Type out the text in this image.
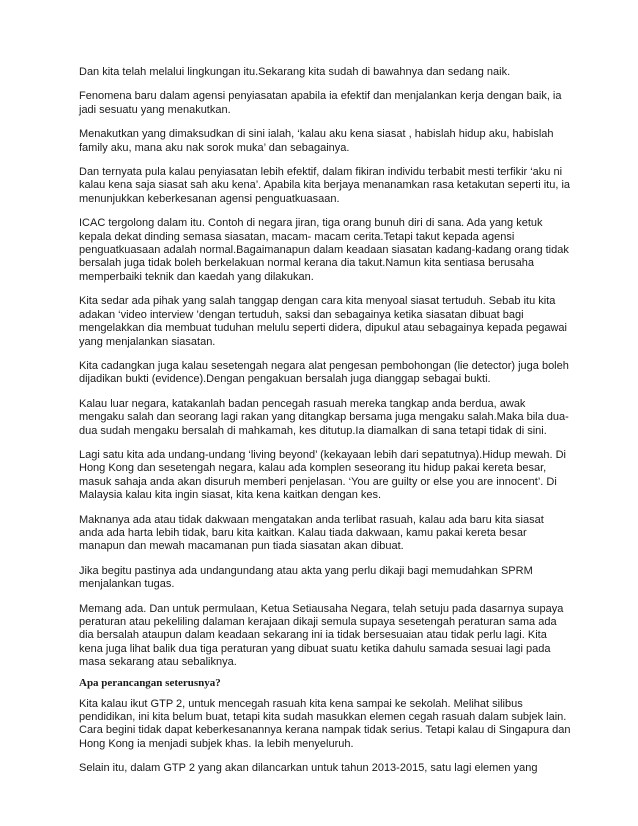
Dan kita telah melalui lingkungan itu.Sekarang kita sudah di bawahnya dan sedang naik.

Fenomena baru dalam agensi penyiasatan apabila ia efektif dan menjalankan kerja dengan baik, ia jadi sesuatu yang menakutkan.

Menakutkan yang dimaksudkan di sini ialah, ‘kalau aku kena siasat , habislah hidup aku, habislah family aku, mana aku nak sorok muka’ dan sebagainya.

Dan ternyata pula kalau penyiasatan lebih efektif, dalam fikiran individu terbabit mesti terfikir ‘aku ni kalau kena saja siasat sah aku kena’. Apabila kita berjaya menanamkan rasa ketakutan seperti itu, ia menunjukkan keberkesanan agensi penguatkuasaan.

ICAC tergolong dalam itu. Contoh di negara jiran, tiga orang bunuh diri di sana. Ada yang ketuk kepala dekat dinding semasa siasatan, macam- macam cerita.Tetapi takut kepada agensi penguatkuasaan adalah normal.Bagaimanapun dalam keadaan siasatan kadang-kadang orang tidak bersalah juga tidak boleh berkelakuan normal kerana dia takut.Namun kita sentiasa berusaha memperbaiki teknik dan kaedah yang dilakukan.

Kita sedar ada pihak yang salah tanggap dengan cara kita menyoal siasat tertuduh. Sebab itu kita adakan ‘video interview ’dengan tertuduh, saksi dan sebagainya ketika siasatan dibuat bagi mengelakkan dia membuat tuduhan melulu seperti didera, dipukul atau sebagainya kepada pegawai yang menjalankan siasatan.

Kita cadangkan juga kalau sesetengah negara alat pengesan pembohongan (lie detector) juga boleh dijadikan bukti (evidence).Dengan pengakuan bersalah juga dianggap sebagai bukti.

Kalau luar negara, katakanlah badan pencegah rasuah mereka tangkap anda berdua, awak mengaku salah dan seorang lagi rakan yang ditangkap bersama juga mengaku salah.Maka bila dua-dua sudah mengaku bersalah di mahkamah, kes ditutup.Ia diamalkan di sana tetapi tidak di sini.

Lagi satu kita ada undang-undang ‘living beyond’ (kekayaan lebih dari sepatutnya).Hidup mewah. Di Hong Kong dan sesetengah negara, kalau ada komplen seseorang itu hidup pakai kereta besar, masuk sahaja anda akan disuruh memberi penjelasan. ‘You are guilty or else you are innocent’. Di Malaysia kalau kita ingin siasat, kita kena kaitkan dengan kes.

Maknanya ada atau tidak dakwaan mengatakan anda terlibat rasuah, kalau ada baru kita siasat anda ada harta lebih tidak, baru kita kaitkan. Kalau tiada dakwaan, kamu pakai kereta besar manapun dan mewah macamanan pun tiada siasatan akan dibuat.

Jika begitu pastinya ada undangundang atau akta yang perlu dikaji bagi memudahkan SPRM menjalankan tugas.

Memang ada. Dan untuk permulaan, Ketua Setiausaha Negara, telah setuju pada dasarnya supaya peraturan atau pekeliling dalaman kerajaan dikaji semula supaya sesetengah peraturan sama ada dia bersalah ataupun dalam keadaan sekarang ini ia tidak bersesuaian atau tidak perlu lagi. Kita kena juga lihat balik dua tiga peraturan yang dibuat suatu ketika dahulu samada sesuai lagi pada masa sekarang atau sebaliknya.

Apa perancangan seterusnya?

Kita kalau ikut GTP 2, untuk mencegah rasuah kita kena sampai ke sekolah. Melihat silibus pendidikan, ini kita belum buat, tetapi kita sudah masukkan elemen cegah rasuah dalam subjek lain. Cara begini tidak dapat keberkesanannya kerana nampak tidak serius. Tetapi kalau di Singapura dan Hong Kong ia menjadi subjek khas. Ia lebih menyeluruh.

Selain itu, dalam GTP 2 yang akan dilancarkan untuk tahun 2013-2015, satu lagi elemen yang
